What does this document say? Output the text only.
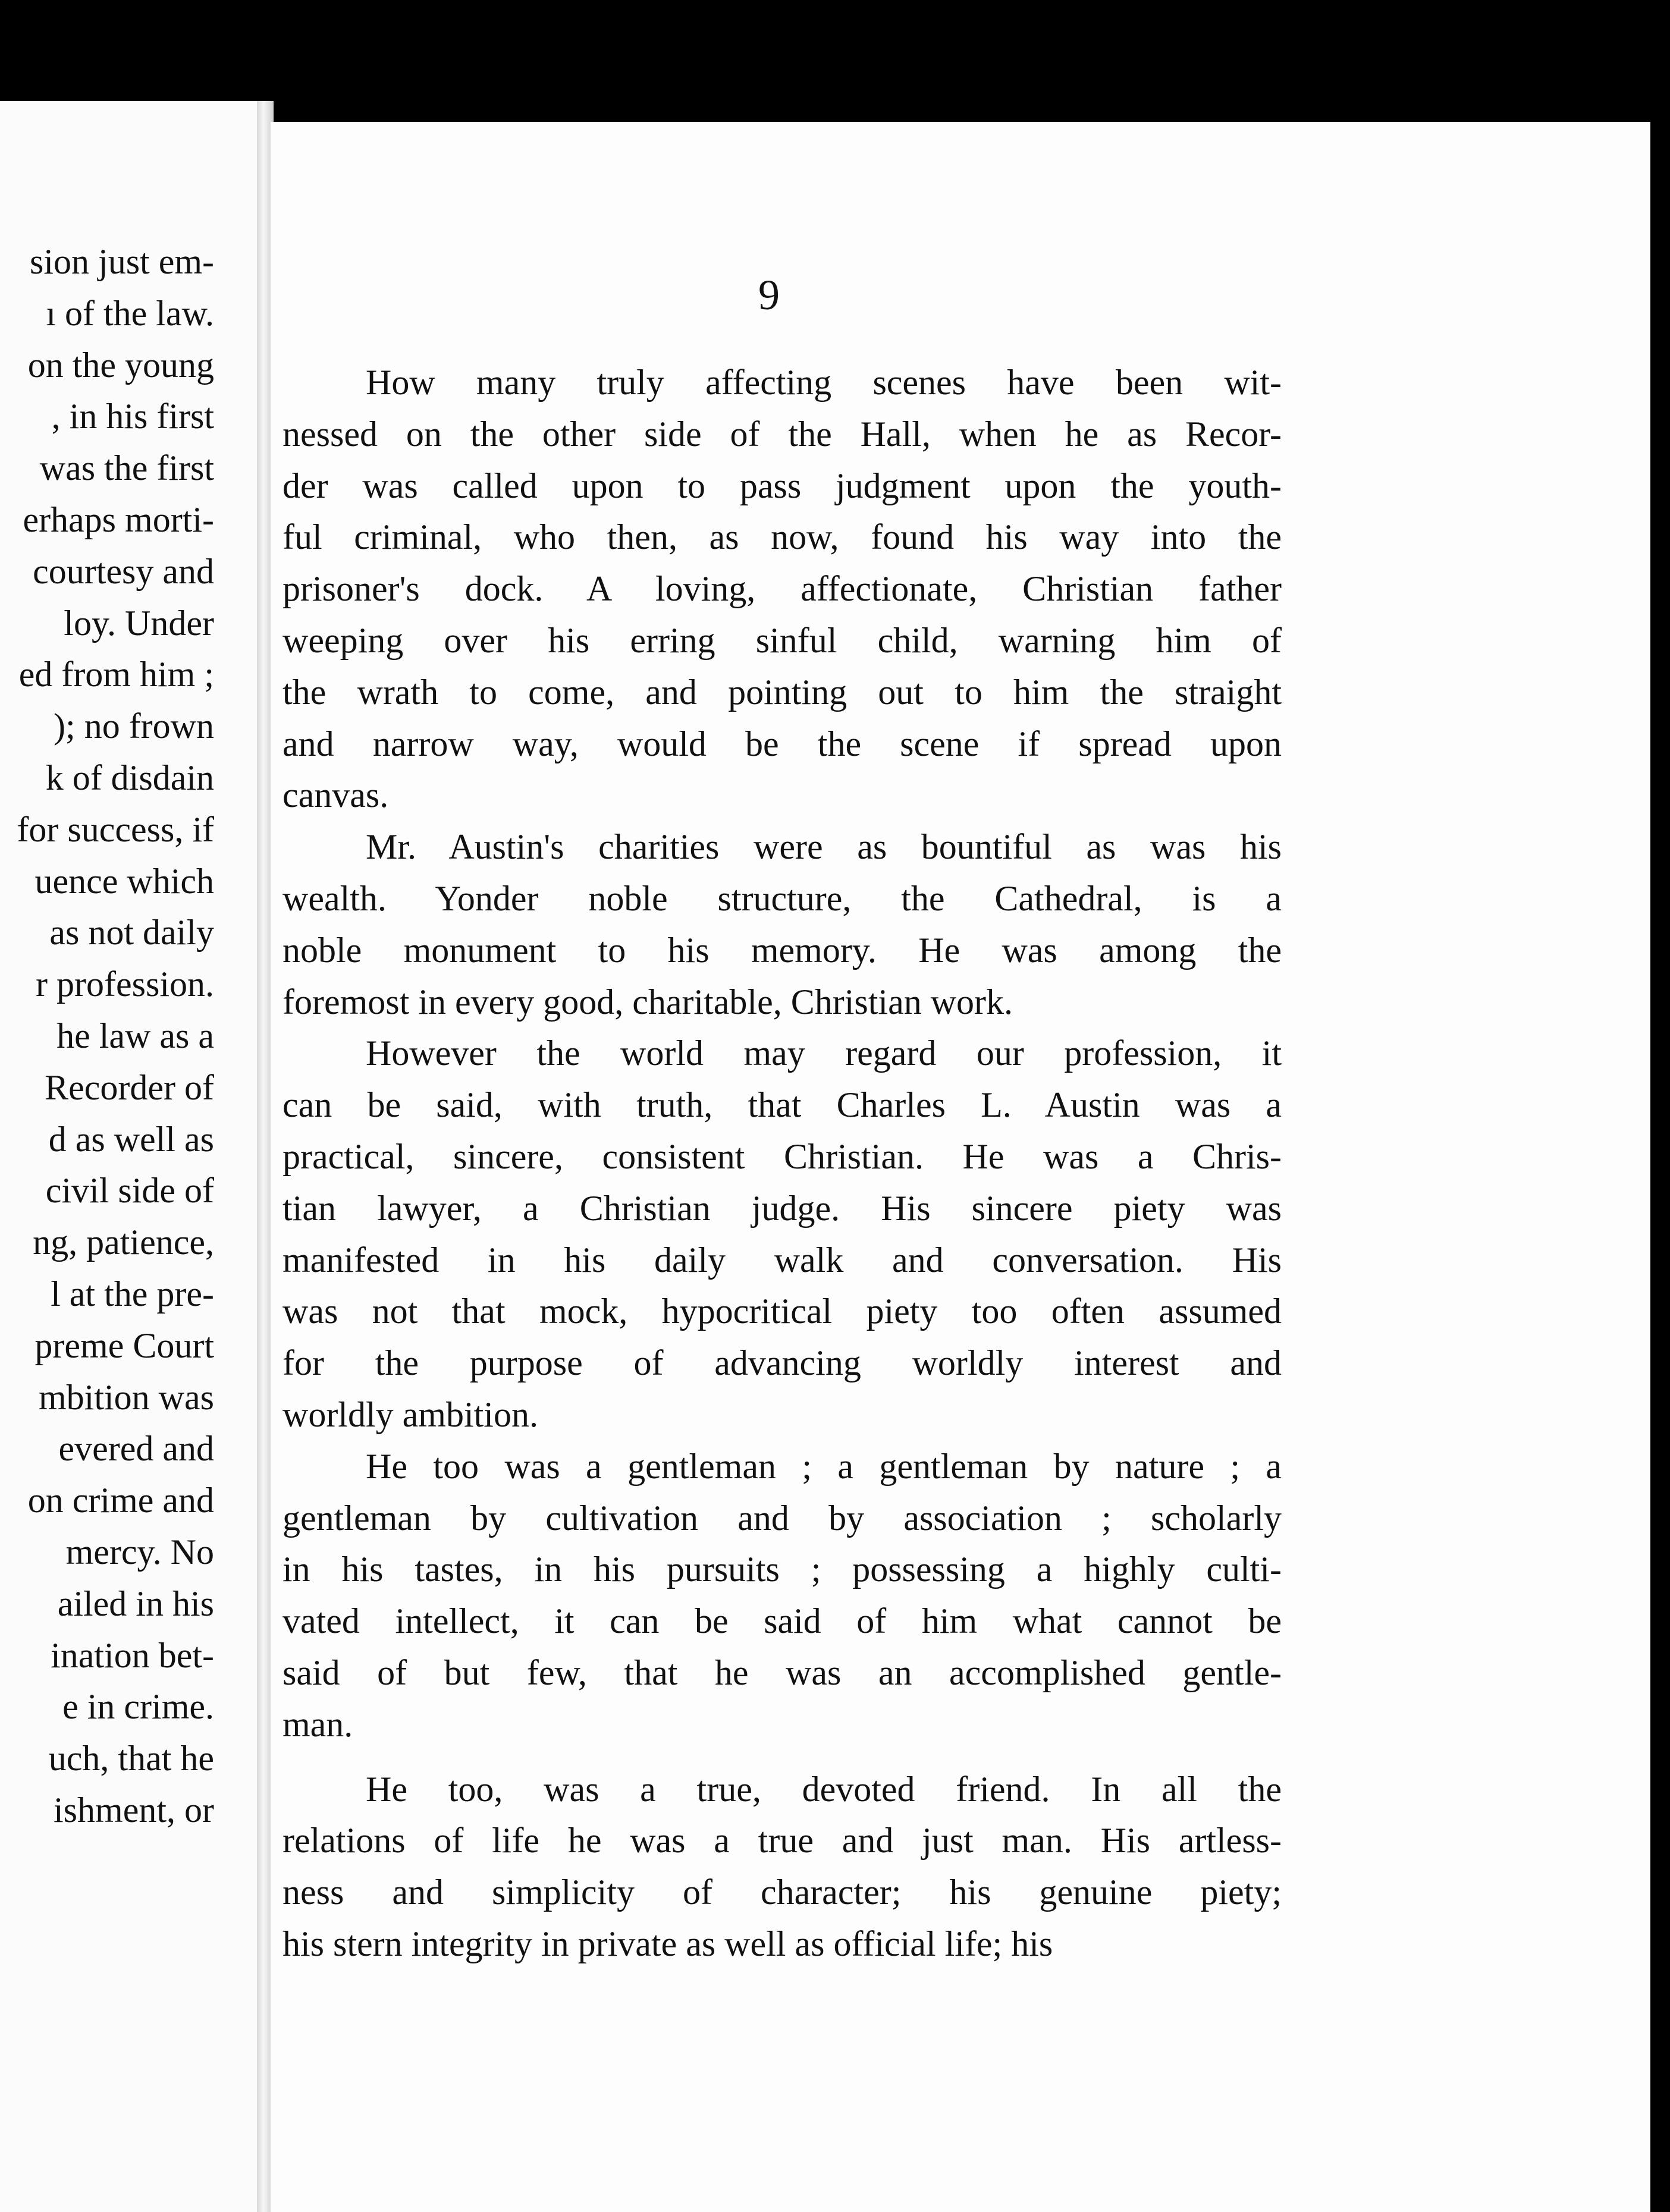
sion just em-
ı of the law.
on the young
, in his first
was the first
erhaps morti-
courtesy and
loy. Under
ed from him ;
); no frown
k of disdain
for success, if
uence which
as not daily
r profession.
he law as a
Recorder of
d as well as
civil side of
ng, patience,
l at the pre-
preme Court
mbition was
evered and
on crime and
mercy. No
ailed in his
ination bet-
e in crime.
uch, that he
ishment, or
9
How many truly affecting scenes have been wit-
nessed on the other side of the Hall, when he as Recor-
der was called upon to pass judgment upon the youth-
ful criminal, who then, as now, found his way into the
prisoner's dock. A loving, affectionate, Christian father
weeping over his erring sinful child, warning him of
the wrath to come, and pointing out to him the straight
and narrow way, would be the scene if spread upon
canvas.
Mr. Austin's charities were as bountiful as was his
wealth. Yonder noble structure, the Cathedral, is a
noble monument to his memory. He was among the
foremost in every good, charitable, Christian work.
However the world may regard our profession, it
can be said, with truth, that Charles L. Austin was a
practical, sincere, consistent Christian. He was a Chris-
tian lawyer, a Christian judge. His sincere piety was
manifested in his daily walk and conversation. His
was not that mock, hypocritical piety too often assumed
for the purpose of advancing worldly interest and
worldly ambition.
He too was a gentleman ; a gentleman by nature ; a
gentleman by cultivation and by association ; scholarly
in his tastes, in his pursuits ; possessing a highly culti-
vated intellect, it can be said of him what cannot be
said of but few, that he was an accomplished gentle-
man.
He too, was a true, devoted friend. In all the
relations of life he was a true and just man. His artless-
ness and simplicity of character; his genuine piety;
his stern integrity in private as well as official life; his
